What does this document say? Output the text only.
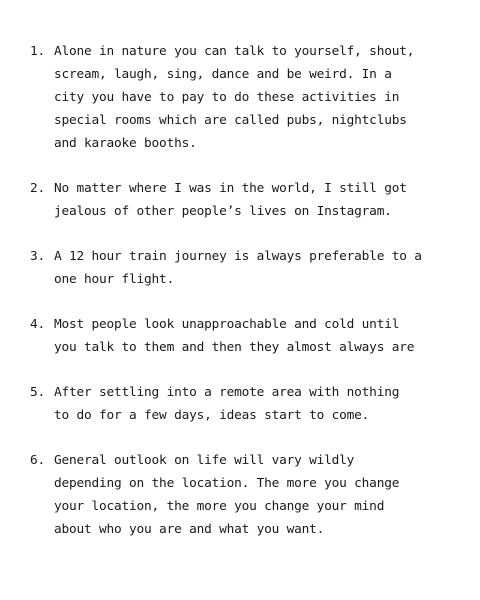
1. Alone in nature you can talk to yourself, shout,
scream, laugh, sing, dance and be weird. In a
city you have to pay to do these activities in
special rooms which are called pubs, nightclubs
and karaoke booths.
2. No matter where I was in the world, I still got
jealous of other people’s lives on Instagram.
3. A 12 hour train journey is always preferable to a
one hour flight.
4. Most people look unapproachable and cold until
you talk to them and then they almost always are
5. After settling into a remote area with nothing
to do for a few days, ideas start to come.
6. General outlook on life will vary wildly
depending on the location. The more you change
your location, the more you change your mind
about who you are and what you want.
